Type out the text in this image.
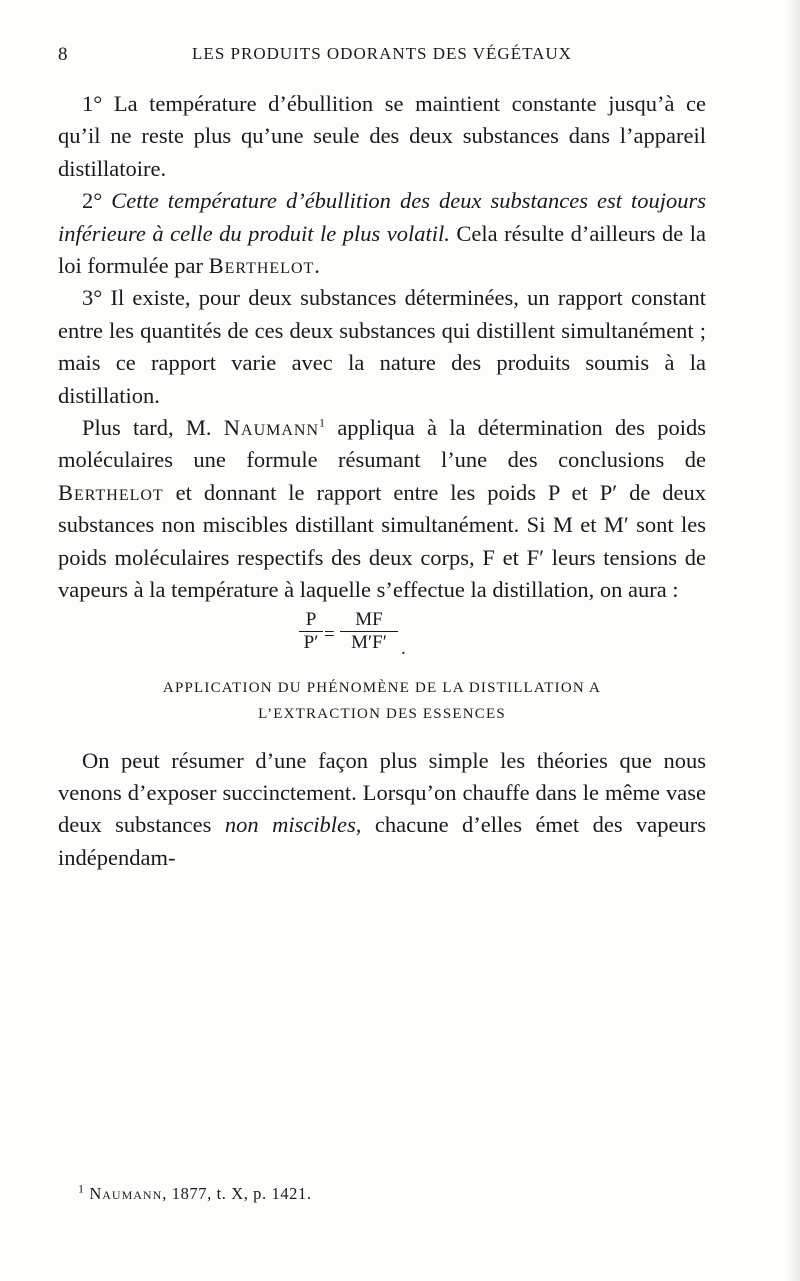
8	LES PRODUITS ODORANTS DES VÉGÉTAUX

1° La température d’ébullition se maintient constante jusqu’à ce qu’il ne reste plus qu’une seule des deux substances dans l’appareil distillatoire.

2° Cette température d’ébullition des deux substances est toujours inférieure à celle du produit le plus volatil. Cela résulte d’ailleurs de la loi formulée par Berthelot.

3° Il existe, pour deux substances déterminées, un rapport constant entre les quantités de ces deux substances qui distillent simultanément ; mais ce rapport varie avec la nature des produits soumis à la distillation.

Plus tard, M. Naumann$^1$ appliqua à la détermination des poids moléculaires une formule résumant l’une des conclusions de Berthelot et donnant le rapport entre les poids P et P′ de deux substances non miscibles distillant simultanément. Si M et M′ sont les poids moléculaires respectifs des deux corps, F et F′ leurs tensions de vapeurs à la température à laquelle s’effectue la distillation, on aura :

$\frac{P}{P'} = \frac{MF}{M'F'}$ .
APPLICATION DU PHÉNOMÈNE DE LA DISTILLATION A
L’EXTRACTION DES ESSENCES

On peut résumer d’une façon plus simple les théories que nous venons d’exposer succinctement. Lorsqu’on chauffe dans le même vase deux substances non miscibles, chacune d’elles émet des vapeurs indépendam-

$^1$ Naumann, 1877, t. X, p. 1421.
